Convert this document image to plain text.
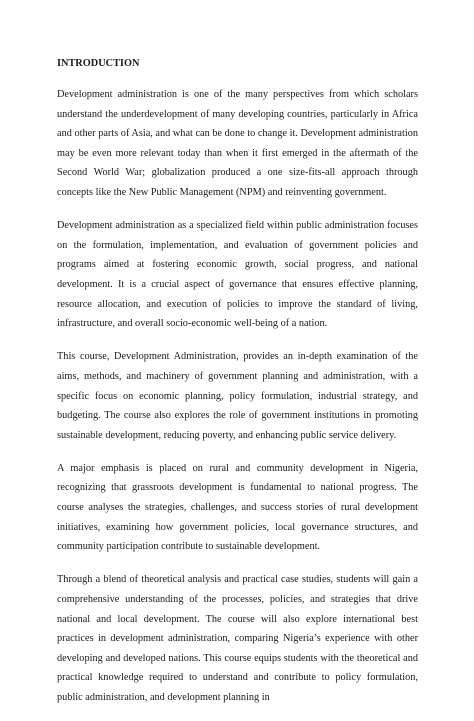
INTRODUCTION

Development administration is one of the many perspectives from which scholars understand the underdevelopment of many developing countries, particularly in Africa and other parts of Asia, and what can be done to change it. Development administration may be even more relevant today than when it first emerged in the aftermath of the Second World War; globalization produced a one size-fits-all approach through concepts like the New Public Management (NPM) and reinventing government.

Development administration as a specialized field within public administration focuses on the formulation, implementation, and evaluation of government policies and programs aimed at fostering economic growth, social progress, and national development. It is a crucial aspect of governance that ensures effective planning, resource allocation, and execution of policies to improve the standard of living, infrastructure, and overall socio-economic well-being of a nation.

This course, Development Administration, provides an in-depth examination of the aims, methods, and machinery of government planning and administration, with a specific focus on economic planning, policy formulation, industrial strategy, and budgeting. The course also explores the role of government institutions in promoting sustainable development, reducing poverty, and enhancing public service delivery.

A major emphasis is placed on rural and community development in Nigeria, recognizing that grassroots development is fundamental to national progress. The course analyses the strategies, challenges, and success stories of rural development initiatives, examining how government policies, local governance structures, and community participation contribute to sustainable development.

Through a blend of theoretical analysis and practical case studies, students will gain a comprehensive understanding of the processes, policies, and strategies that drive national and local development. The course will also explore international best practices in development administration, comparing Nigeria’s experience with other developing and developed nations. This course equips students with the theoretical and practical knowledge required to understand and contribute to policy formulation, public administration, and development planning in
